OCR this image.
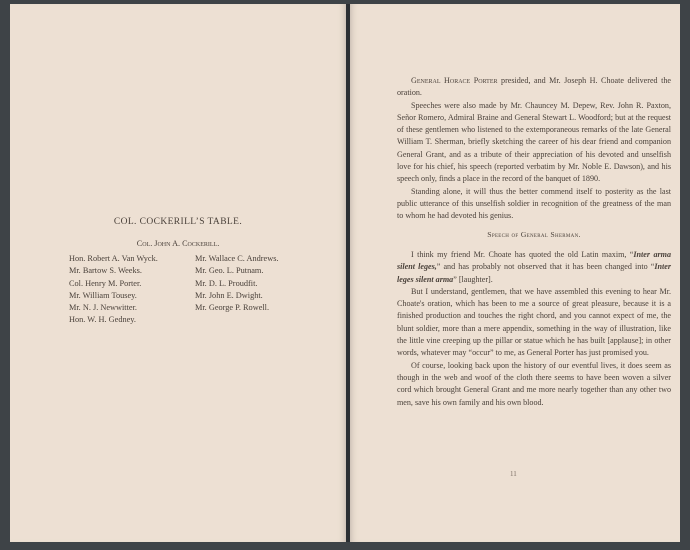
COL. COCKERILL’S TABLE.
Col. John A. Cockerill.
Hon. Robert A. Van Wyck.
Mr. Bartow S. Weeks.
Col. Henry M. Porter.
Mr. William Tousey.
Mr. N. J. Newwitter.
Hon. W. H. Gedney.
Mr. Wallace C. Andrews.
Mr. Geo. L. Putnam.
Mr. D. L. Proudfit.
Mr. John E. Dwight.
Mr. George P. Rowell.

General Horace Porter presided, and Mr. Joseph H. Choate delivered the oration.

Speeches were also made by Mr. Chauncey M. Depew, Rev. John R. Paxton, Señor Romero, Admiral Braine and General Stewart L. Woodford; but at the request of these gentlemen who listened to the extemporaneous remarks of the late General William T. Sherman, briefly sketching the career of his dear friend and companion General Grant, and as a tribute of their appreciation of his devoted and unselfish love for his chief, his speech (reported verbatim by Mr. Noble E. Dawson), and his speech only, finds a place in the record of the banquet of 1890.

Standing alone, it will thus the better commend itself to posterity as the last public utterance of this unselfish soldier in recognition of the greatness of the man to whom he had devoted his genius.

Speech of General Sherman.

I think my friend Mr. Choate has quoted the old Latin maxim, “Inter arma silent leges,” and has probably not observed that it has been changed into “Inter leges silent arma” [laughter].

But I understand, gentlemen, that we have assembled this evening to hear Mr. Choate's oration, which has been to me a source of great pleasure, because it is a finished production and touches the right chord, and you cannot expect of me, the blunt soldier, more than a mere appendix, something in the way of illustration, like the little vine creeping up the pillar or statue which he has built [applause]; in other words, whatever may “occur” to me, as General Porter has just promised you.

Of course, looking back upon the history of our eventful lives, it does seem as though in the web and woof of the cloth there seems to have been woven a silver cord which brought General Grant and me more nearly together than any other two men, save his own family and his own blood.

11
